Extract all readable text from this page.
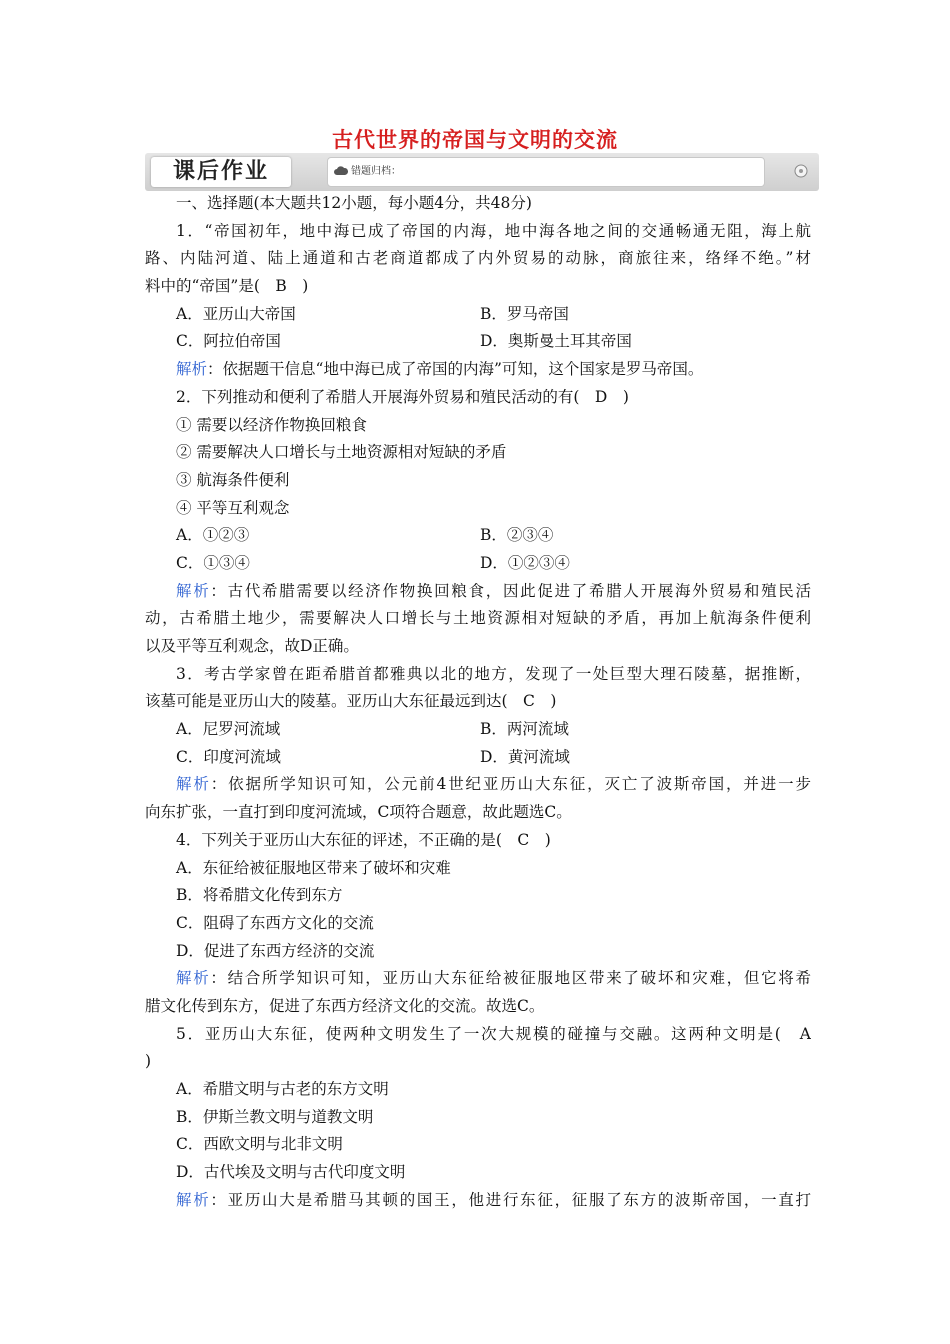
古代世界的帝国与文明的交流
课后作业	错题归档：
一、选择题(本大题共12小题，每小题4分，共48分)
1．“帝国初年，地中海已成了帝国的内海，地中海各地之间的交通畅通无阻，海上航
路、内陆河道、陆上通道和古老商道都成了内外贸易的动脉，商旅往来，络绎不绝。”材
料中的“帝国”是(　B　)
A．亚历山大帝国	B．罗马帝国
C．阿拉伯帝国	D．奥斯曼土耳其帝国
解析：依据题干信息“地中海已成了帝国的内海”可知，这个国家是罗马帝国。
2．下列推动和便利了希腊人开展海外贸易和殖民活动的有(　D　)
① 需要以经济作物换回粮食
② 需要解决人口增长与土地资源相对短缺的矛盾
③ 航海条件便利
④ 平等互利观念
A．①②③	B．②③④
C．①③④	D．①②③④
解析：古代希腊需要以经济作物换回粮食，因此促进了希腊人开展海外贸易和殖民活
动，古希腊土地少，需要解决人口增长与土地资源相对短缺的矛盾，再加上航海条件便利
以及平等互利观念，故D正确。
3．考古学家曾在距希腊首都雅典以北的地方，发现了一处巨型大理石陵墓，据推断，
该墓可能是亚历山大的陵墓。亚历山大东征最远到达(　C　)
A．尼罗河流域	B．两河流域
C．印度河流域	D．黄河流域
解析：依据所学知识可知，公元前4世纪亚历山大东征，灭亡了波斯帝国，并进一步
向东扩张，一直打到印度河流域，C项符合题意，故此题选C。
4．下列关于亚历山大东征的评述，不正确的是(　C　)
A．东征给被征服地区带来了破坏和灾难
B．将希腊文化传到东方
C．阻碍了东西方文化的交流
D．促进了东西方经济的交流
解析：结合所学知识可知，亚历山大东征给被征服地区带来了破坏和灾难，但它将希
腊文化传到东方，促进了东西方经济文化的交流。故选C。
5．亚历山大东征，使两种文明发生了一次大规模的碰撞与交融。这两种文明是(　A
)
A．希腊文明与古老的东方文明
B．伊斯兰教文明与道教文明
C．西欧文明与北非文明
D．古代埃及文明与古代印度文明
解析：亚历山大是希腊马其顿的国王，他进行东征，征服了东方的波斯帝国，一直打
